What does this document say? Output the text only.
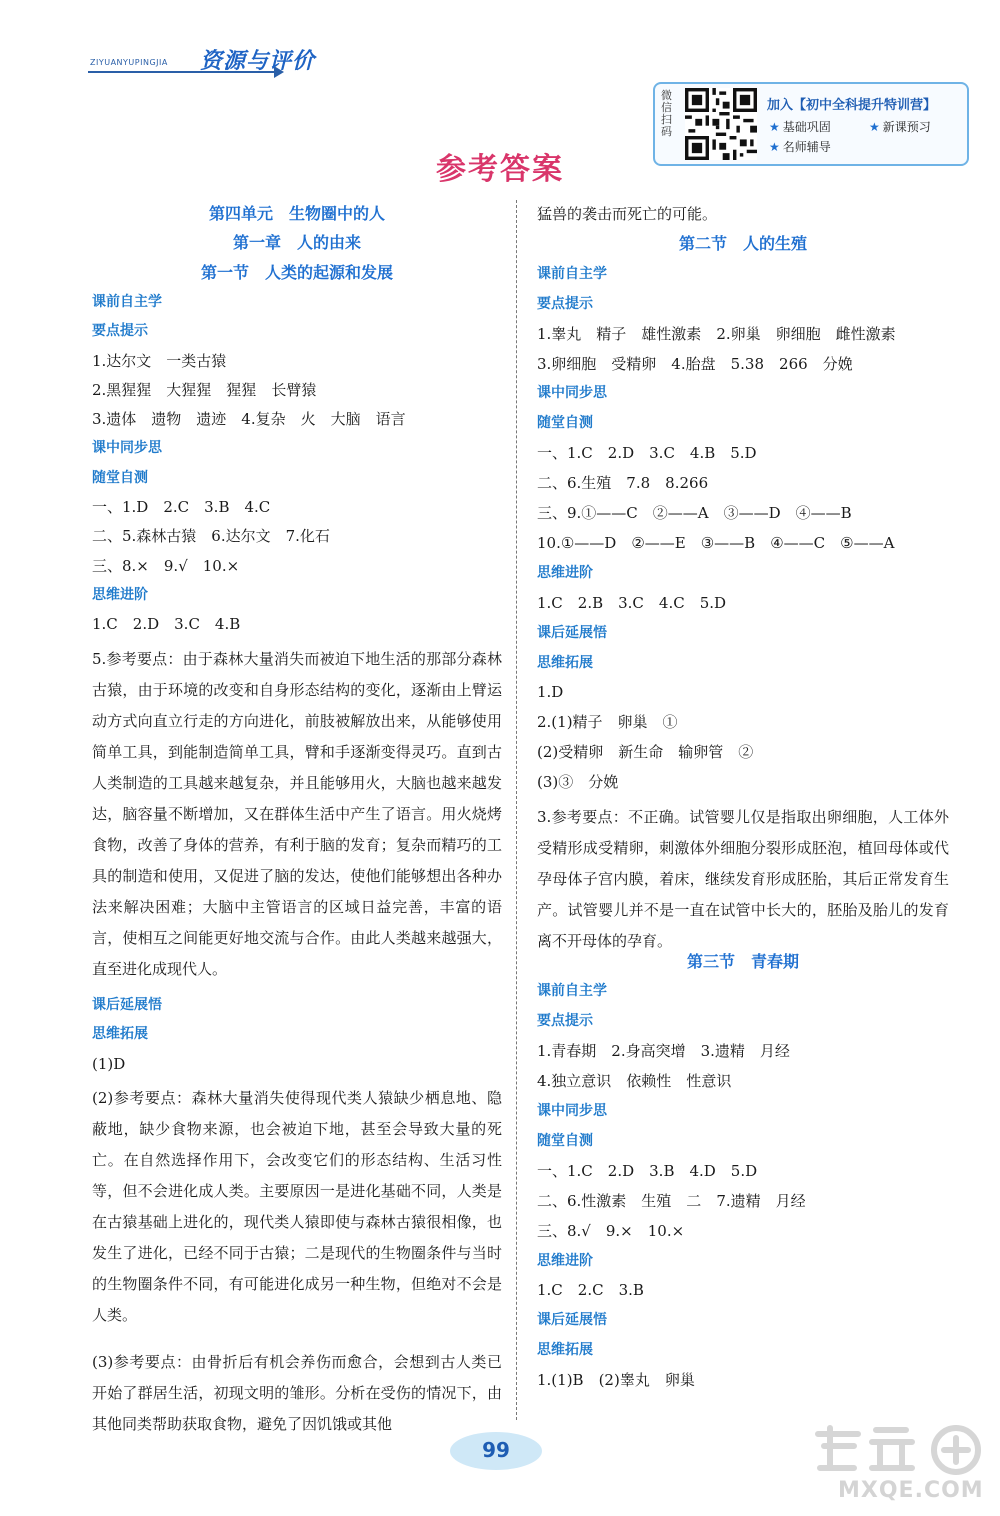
ZIYUANYUPINGJIA 资源与评价
微信扫码
加入【初中全科提升特训营】
★ 基础巩固	★ 新课预习
★ 名师辅导
参考答案
第四单元　生物圈中的人
第一章　人的由来
第一节　人类的起源和发展
课前自主学
要点提示
1.达尔文　一类古猿
2.黑猩猩　大猩猩　猩猩　长臂猿
3.遗体　遗物　遗迹　4.复杂　火　大脑　语言
课中同步思
随堂自测
一、1.D　2.C　3.B　4.C
二、5.森林古猿　6.达尔文　7.化石
三、8.×　9.√　10.×
思维进阶
1.C　2.D　3.C　4.B
5.参考要点：由于森林大量消失而被迫下地生活的那部分森林古猿，由于环境的改变和自身形态结构的变化，逐渐由上臂运动方式向直立行走的方向进化，前肢被解放出来，从能够使用简单工具，到能制造简单工具，臂和手逐渐变得灵巧。直到古人类制造的工具越来越复杂，并且能够用火，大脑也越来越发达，脑容量不断增加，又在群体生活中产生了语言。用火烧烤食物，改善了身体的营养，有利于脑的发育；复杂而精巧的工具的制造和使用，又促进了脑的发达，使他们能够想出各种办法来解决困难；大脑中主管语言的区域日益完善，丰富的语言，使相互之间能更好地交流与合作。由此人类越来越强大，直至进化成现代人。
课后延展悟
思维拓展
(1)D
(2)参考要点：森林大量消失使得现代类人猿缺少栖息地、隐蔽地，缺少食物来源，也会被迫下地，甚至会导致大量的死亡。在自然选择作用下，会改变它们的形态结构、生活习性等，但不会进化成人类。主要原因一是进化基础不同，人类是在古猿基础上进化的，现代类人猿即使与森林古猿很相像，也发生了进化，已经不同于古猿；二是现代的生物圈条件与当时的生物圈条件不同，有可能进化成另一种生物，但绝对不会是人类。
(3)参考要点：由骨折后有机会养伤而愈合，会想到古人类已开始了群居生活，初现文明的雏形。分析在受伤的情况下，由其他同类帮助获取食物，避免了因饥饿或其他
猛兽的袭击而死亡的可能。
第二节　人的生殖
课前自主学
要点提示
1.睾丸　精子　雄性激素　2.卵巢　卵细胞　雌性激素
3.卵细胞　受精卵　4.胎盘　5.38　266　分娩
课中同步思
随堂自测
一、1.C　2.D　3.C　4.B　5.D
二、6.生殖　7.8　8.266
三、9.①——C　②——A　③——D　④——B
10.①——D　②——E　③——B　④——C　⑤——A
思维进阶
1.C　2.B　3.C　4.C　5.D
课后延展悟
思维拓展
1.D
2.(1)精子　卵巢　①
(2)受精卵　新生命　输卵管　②
(3)③　分娩
3.参考要点：不正确。试管婴儿仅是指取出卵细胞，人工体外受精形成受精卵，刺激体外细胞分裂形成胚泡，植回母体或代孕母体子宫内膜，着床，继续发育形成胚胎，其后正常发育生产。试管婴儿并不是一直在试管中长大的，胚胎及胎儿的发育离不开母体的孕育。
第三节　青春期
课前自主学
要点提示
1.青春期　2.身高突增　3.遗精　月经
4.独立意识　依赖性　性意识
课中同步思
随堂自测
一、1.C　2.D　3.B　4.D　5.D
二、6.性激素　生殖　二　7.遗精　月经
三、8.√　9.×　10.×
思维进阶
1.C　2.C　3.B
课后延展悟
思维拓展
1.(1)B　(2)睾丸　卵巢
99
MXQE.COM
